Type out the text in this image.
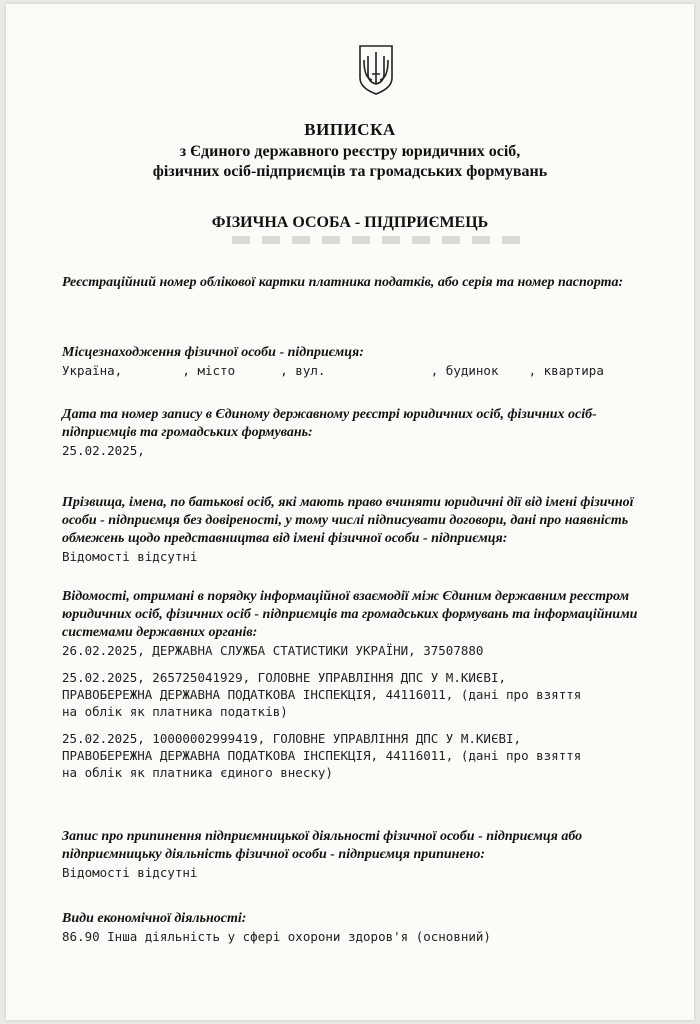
ВИПИСКА
з Єдиного державного реєстру юридичних осіб,
фізичних осіб-підприємців та громадських формувань
ФІЗИЧНА ОСОБА - ПІДПРИЄМЕЦЬ
Реєстраційний номер облікової картки платника податків, або серія та номер паспорта:
Місцезнаходження фізичної особи - підприємця:
Україна,        , місто      , вул.              , будинок    , квартира
Дата та номер запису в Єдиному державному реєстрі юридичних осіб, фізичних осіб-
підприємців та громадських формувань:
25.02.2025,
Прізвища, імена, по батькові осіб, які мають право вчиняти юридичні дії від імені фізичної
особи - підприємця без довіреності, у тому числі підписувати договори, дані про наявність
обмежень щодо представництва від імені фізичної особи - підприємця:
Відомості відсутні
Відомості, отримані в порядку інформаційної взаємодії між Єдиним державним реєстром
юридичних осіб, фізичних осіб - підприємців та громадських формувань та інформаційними
системами державних органів:
26.02.2025, ДЕРЖАВНА СЛУЖБА СТАТИСТИКИ УКРАЇНИ, 37507880
25.02.2025, 265725041929, ГОЛОВНЕ УПРАВЛІННЯ ДПС У М.КИЄВІ,
ПРАВОБЕРЕЖНА ДЕРЖАВНА ПОДАТКОВА ІНСПЕКЦІЯ, 44116011, (дані про взяття
на облік як платника податків)
25.02.2025, 10000002999419, ГОЛОВНЕ УПРАВЛІННЯ ДПС У М.КИЄВІ,
ПРАВОБЕРЕЖНА ДЕРЖАВНА ПОДАТКОВА ІНСПЕКЦІЯ, 44116011, (дані про взяття
на облік як платника єдиного внеску)
Запис про припинення підприємницької діяльності фізичної особи - підприємця або
підприємницьку діяльність фізичної особи - підприємця припинено:
Відомості відсутні
Види економічної діяльності:
86.90 Інша діяльність у сфері охорони здоров'я (основний)
